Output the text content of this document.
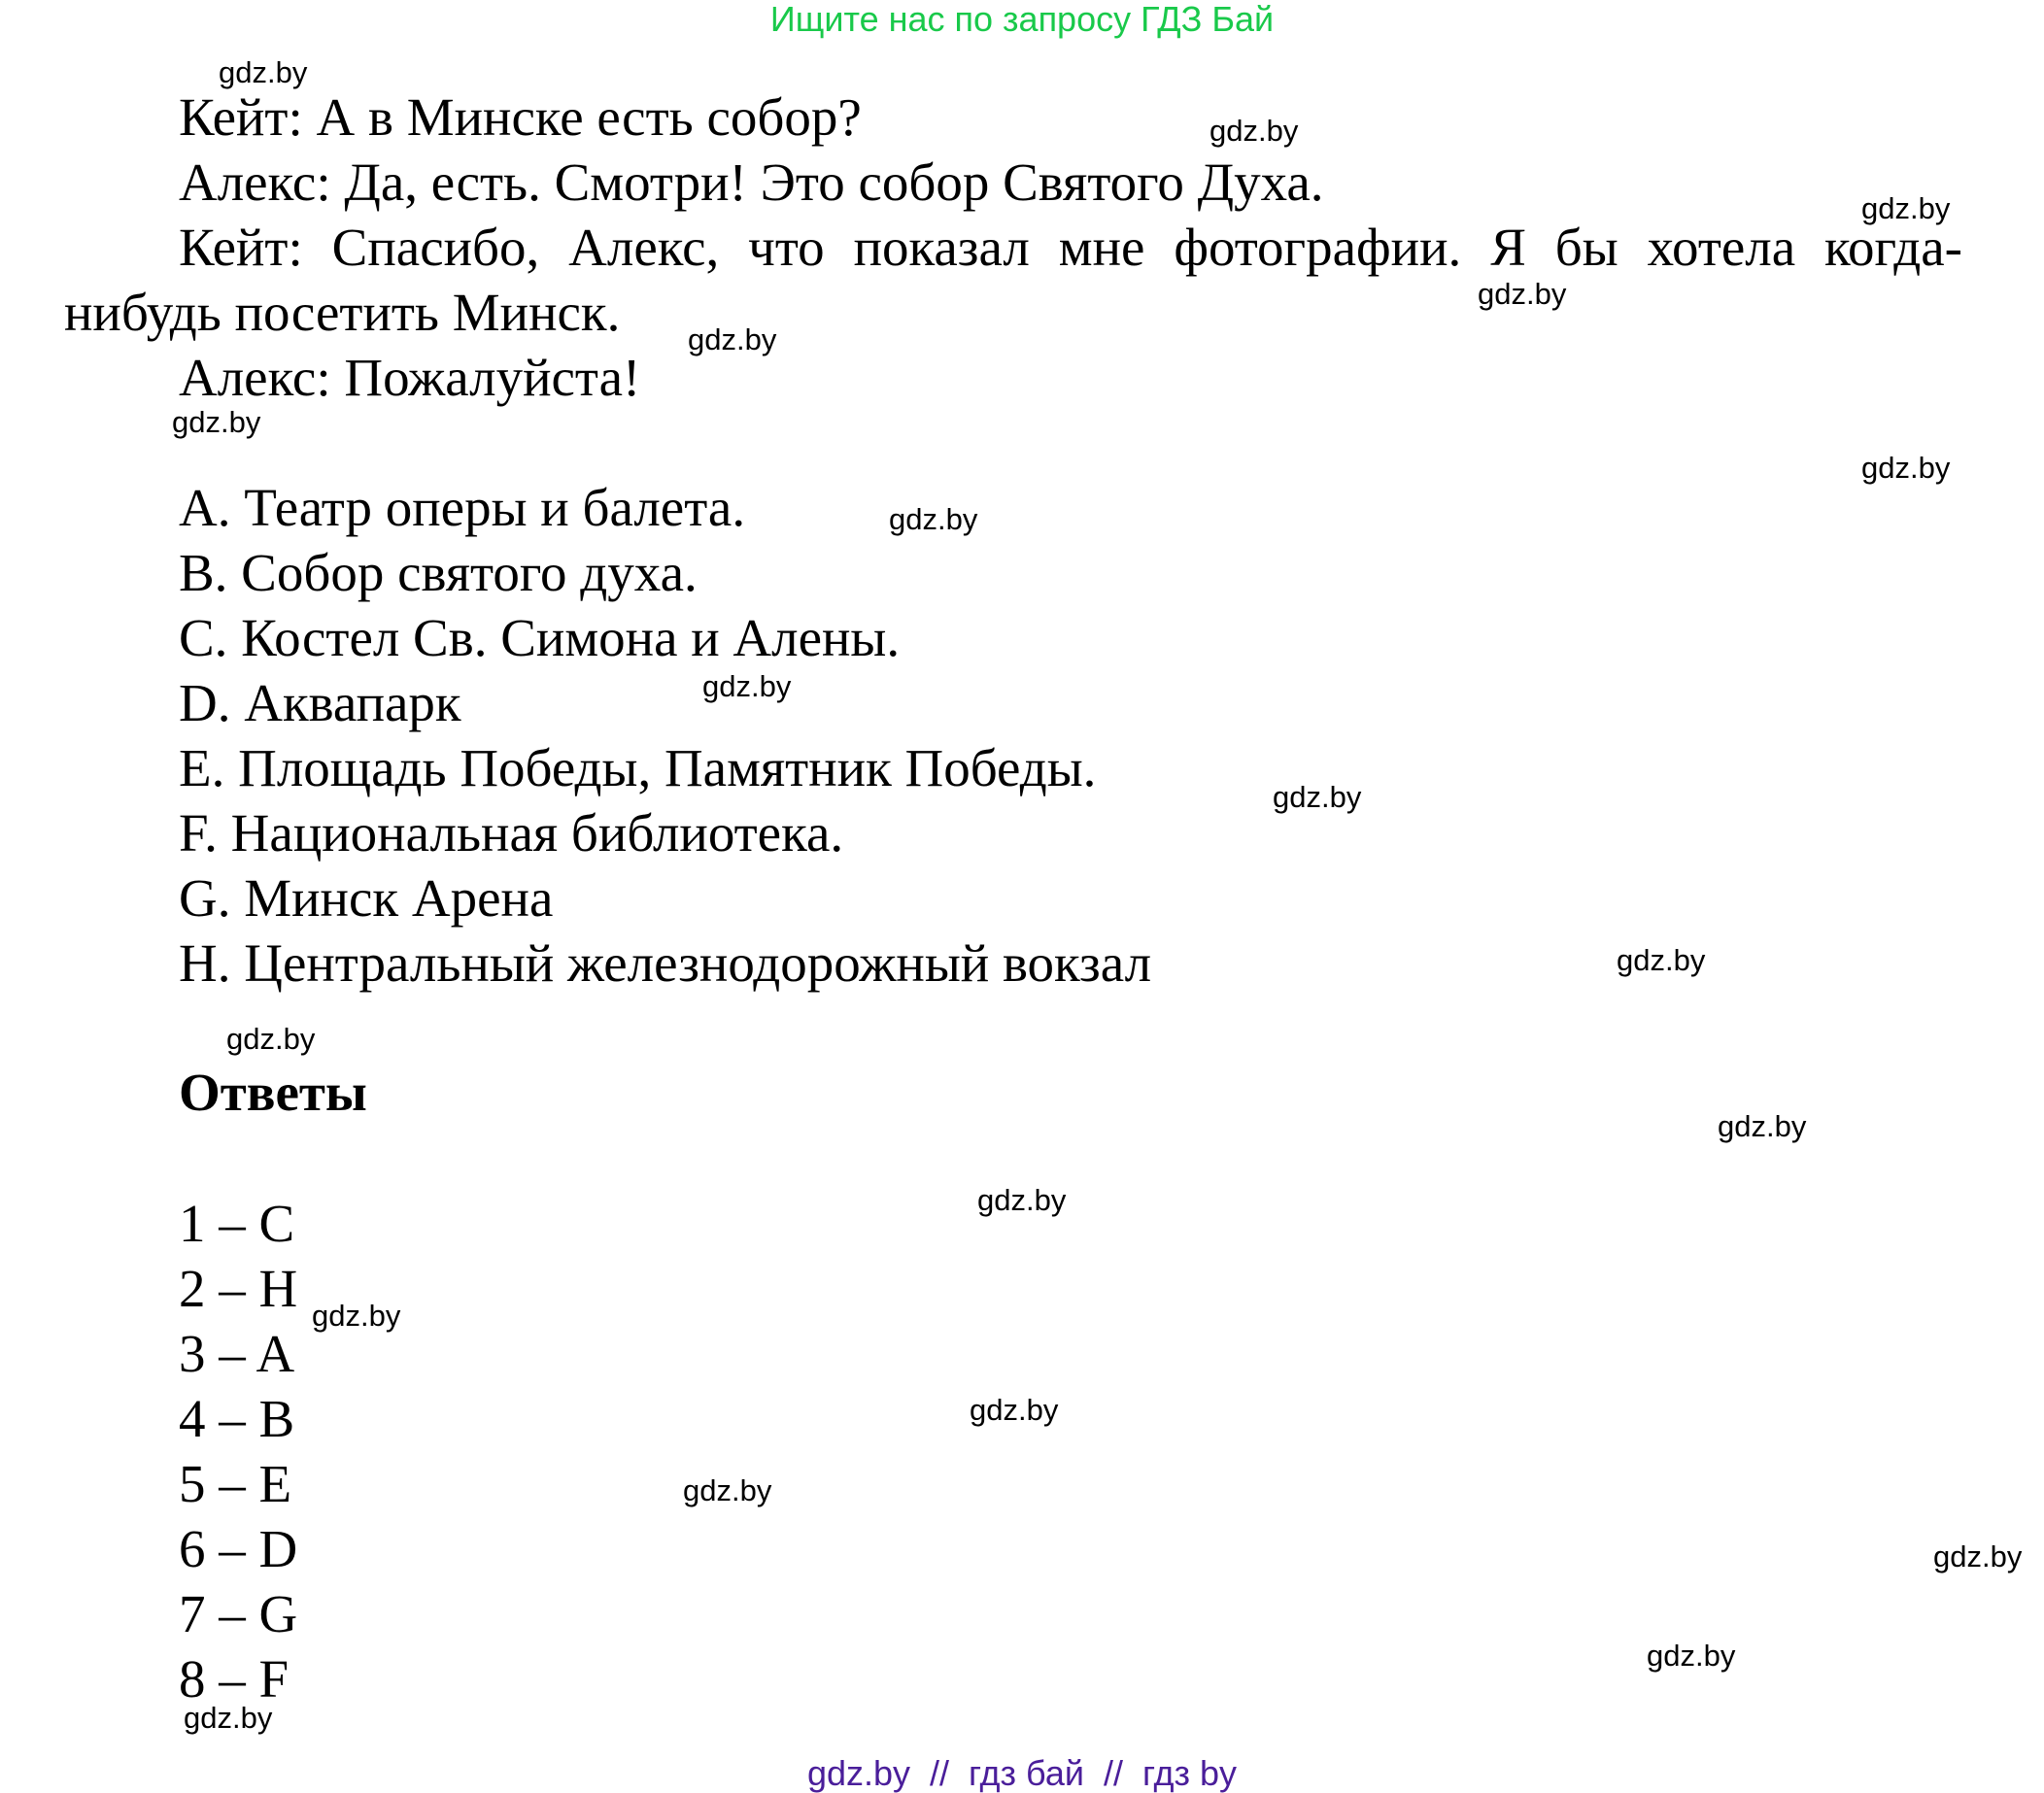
Ищите нас по запросу ГДЗ Бай
Кейт: А в Минске есть собор?
Алекс: Да, есть. Смотри! Это собор Святого Духа.
Кейт: Спасибо, Алекс, что показал мне фотографии. Я бы хотела когда-
нибудь посетить Минск.
Алекс: Пожалуйста!
A. Театр оперы и балета.
B. Собор святого духа.
C. Костел Св. Симона и Алены.
D. Аквапарк
E. Площадь Победы, Памятник Победы.
F. Национальная библиотека.
G. Минск Арена
H. Центральный железнодорожный вокзал
Ответы
1 – C
2 – H
3 – A
4 – B
5 – E
6 – D
7 – G
8 – F
gdz.by
gdz.by
gdz.by
gdz.by
gdz.by
gdz.by
gdz.by
gdz.by
gdz.by
gdz.by
gdz.by
gdz.by
gdz.by
gdz.by
gdz.by
gdz.by
gdz.by
gdz.by
gdz.by
gdz.by
gdz.by  //  гдз бай  //  гдз by
